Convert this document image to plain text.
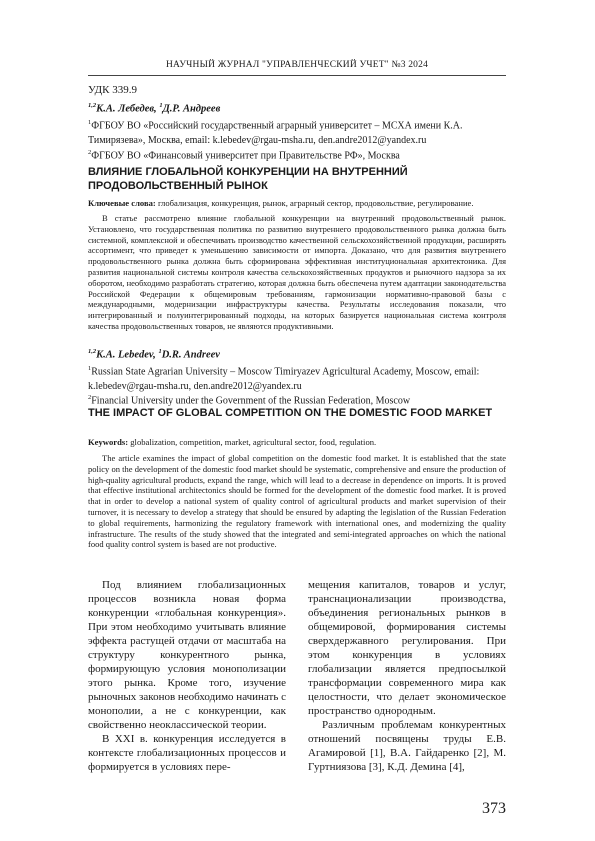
НАУЧНЫЙ ЖУРНАЛ "УПРАВЛЕНЧЕСКИЙ УЧЕТ" №3 2024
УДК 339.9
$^{1,2}$К.А. Лебедев, $^1$Д.Р. Андреев
$^1$ФГБОУ ВО «Российский государственный аграрный университет – МСХА имени К.А. Тимирязева», Москва, email: k.lebedev@rgau-msha.ru, den.andre2012@yandex.ru
$^2$ФГБОУ ВО «Финансовый университет при Правительстве РФ», Москва
ВЛИЯНИЕ ГЛОБАЛЬНОЙ КОНКУРЕНЦИИ НА ВНУТРЕННИЙ ПРОДОВОЛЬСТВЕННЫЙ РЫНОК
Ключевые слова: глобализация, конкуренция, рынок, аграрный сектор, продовольствие, регулирование.
В статье рассмотрено влияние глобальной конкуренции на внутренний продовольственный рынок. Установлено, что государственная политика по развитию внутреннего продовольственного рынка должна быть системной, комплексной и обеспечивать производство качественной сельскохозяйственной продукции, расширять ассортимент, что приведет к уменьшению зависимости от импорта. Доказано, что для развития внутреннего продовольственного рынка должна быть сформирована эффективная институциональная архитектоника. Для развития национальной системы контроля качества сельскохозяйственных продуктов и рыночного надзора за их оборотом, необходимо разработать стратегию, которая должна быть обеспечена путем адаптации законодательства Российской Федерации к общемировым требованиям, гармонизации нормативно-правовой базы с международными, модернизации инфраструктуры качества. Результаты исследования показали, что интегрированный и полуинтегрированный подходы, на которых базируется национальная система контроля качества продовольственных товаров, не являются продуктивными.
$^{1,2}$K.A. Lebedev, $^1$D.R. Andreev
$^1$Russian State Agrarian University – Moscow Timiryazev Agricultural Academy, Moscow, email: k.lebedev@rgau-msha.ru, den.andre2012@yandex.ru
$^2$Financial University under the Government of the Russian Federation, Moscow
THE IMPACT OF GLOBAL COMPETITION ON THE DOMESTIC FOOD MARKET
Keywords: globalization, competition, market, agricultural sector, food, regulation.
The article examines the impact of global competition on the domestic food market. It is established that the state policy on the development of the domestic food market should be systematic, comprehensive and ensure the production of high-quality agricultural products, expand the range, which will lead to a decrease in dependence on imports. It is proved that effective institutional architectonics should be formed for the development of the domestic food market. It is proved that in order to develop a national system of quality control of agricultural products and market supervision of their turnover, it is necessary to develop a strategy that should be ensured by adapting the legislation of the Russian Federation to global requirements, harmonizing the regulatory framework with international ones, and modernizing the quality infrastructure. The results of the study showed that the integrated and semi-integrated approaches on which the national food quality control system is based are not productive.

Под влиянием глобализационных процессов возникла новая форма конкуренции «глобальная конкуренция». При этом необходимо учитывать влияние эффекта растущей отдачи от масштаба на структуру конкурентного рынка, формирующую условия монополизации этого рынка. Кроме того, изучение рыночных законов необходимо начинать с монополии, а не с конкуренции, как свойственно неоклассической теории.

В XXI в. конкуренция исследуется в контексте глобализационных процессов и формируется в условиях пере-

мещения капиталов, товаров и услуг, транснационализации производства, объединения региональных рынков в общемировой, формирования системы сверхдержавного регулирования. При этом конкуренция в условиях глобализации является предпосылкой трансформации современного мира как целостности, что делает экономическое пространство однородным.

Различным проблемам конкурентных отношений посвящены труды Е.В. Агамировой [1], В.А. Гайдаренко [2], М. Гуртниязова [3], К.Д. Демина [4],

373
